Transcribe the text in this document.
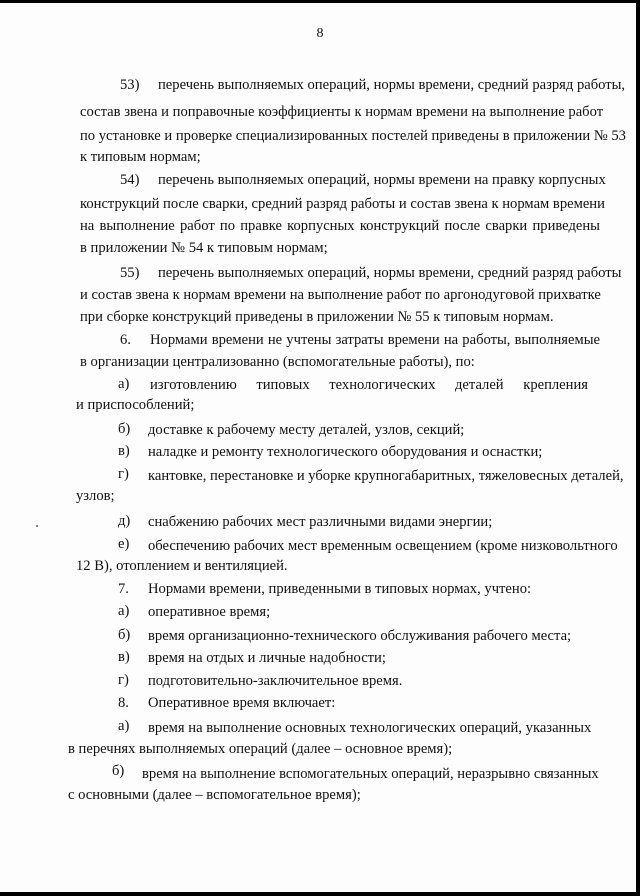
8
53) перечень выполняемых операций, нормы времени, средний разряд работы,
состав звена и поправочные коэффициенты к нормам времени на выполнение работ
по установке и проверке специализированных постелей приведены в приложении № 53
к типовым нормам;
54) перечень выполняемых операций, нормы времени на правку корпусных
конструкций после сварки, средний разряд работы и состав звена к нормам времени
на выполнение работ по правке корпусных конструкций после сварки приведены
в приложении № 54 к типовым нормам;
55) перечень выполняемых операций, нормы времени, средний разряд работы
и состав звена к нормам времени на выполнение работ по аргонодуговой прихватке
при сборке конструкций приведены в приложении № 55 к типовым нормам.
6. Нормами времени не учтены затраты времени на работы, выполняемые
в организации централизованно (вспомогательные работы), по:
а) изготовлению типовых технологических деталей крепления
и приспособлений;
б) доставке к рабочему месту деталей, узлов, секций;
в) наладке и ремонту технологического оборудования и оснастки;
г) кантовке, перестановке и уборке крупногабаритных, тяжеловесных деталей,
узлов;
д) снабжению рабочих мест различными видами энергии;
е) обеспечению рабочих мест временным освещением (кроме низковольтного
12 В), отоплением и вентиляцией.
7. Нормами времени, приведенными в типовых нормах, учтено:
а) оперативное время;
б) время организационно-технического обслуживания рабочего места;
в) время на отдых и личные надобности;
г) подготовительно-заключительное время.
8. Оперативное время включает:
а) время на выполнение основных технологических операций, указанных
в перечнях выполняемых операций (далее – основное время);
б) время на выполнение вспомогательных операций, неразрывно связанных
с основными (далее – вспомогательное время);
